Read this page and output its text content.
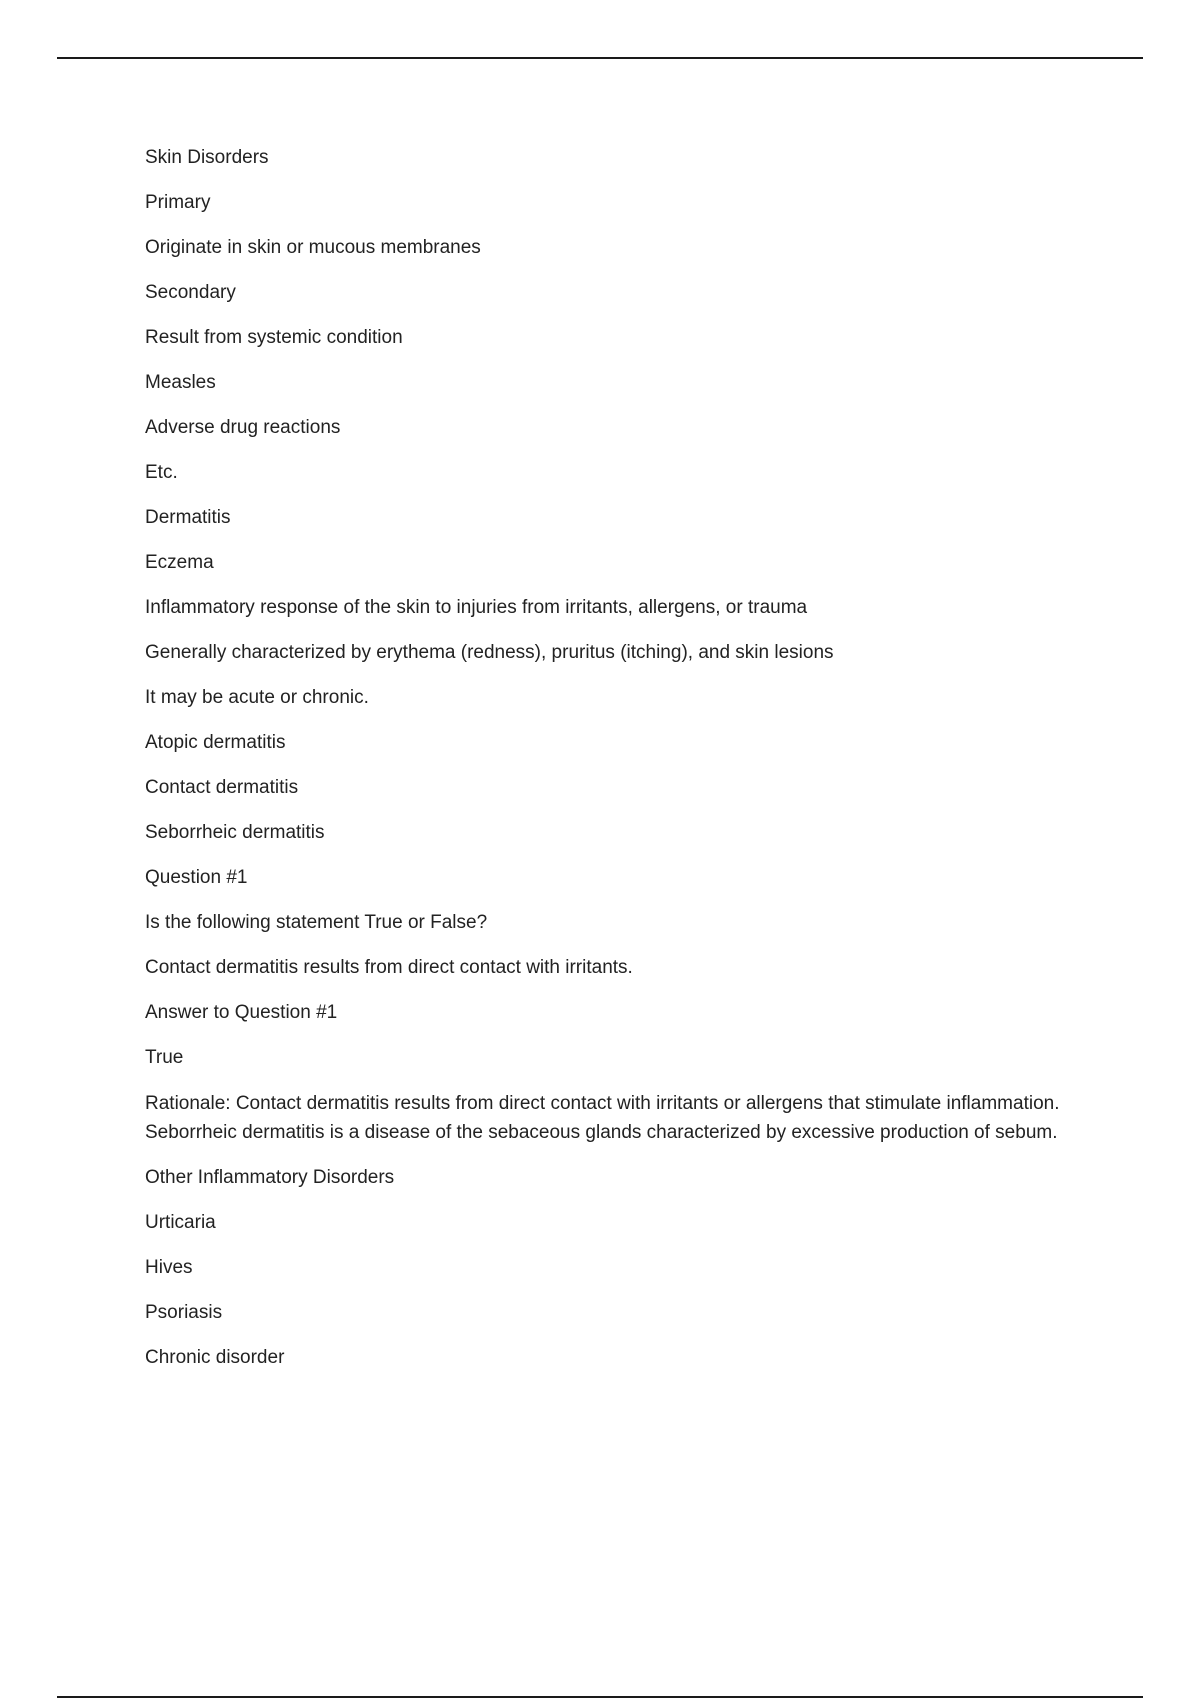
Skin Disorders

Primary

Originate in skin or mucous membranes

Secondary

Result from systemic condition

Measles

Adverse drug reactions

Etc.

Dermatitis

Eczema

Inflammatory response of the skin to injuries from irritants, allergens, or trauma

Generally characterized by erythema (redness), pruritus (itching), and skin lesions

It may be acute or chronic.

Atopic dermatitis

Contact dermatitis

Seborrheic dermatitis

Question #1

Is the following statement True or False?

Contact dermatitis results from direct contact with irritants.

Answer to Question #1

True

Rationale: Contact dermatitis results from direct contact with irritants or allergens that stimulate inflammation. Seborrheic dermatitis is a disease of the sebaceous glands characterized by excessive production of sebum.

Other Inflammatory Disorders

Urticaria

Hives

Psoriasis

Chronic disorder
